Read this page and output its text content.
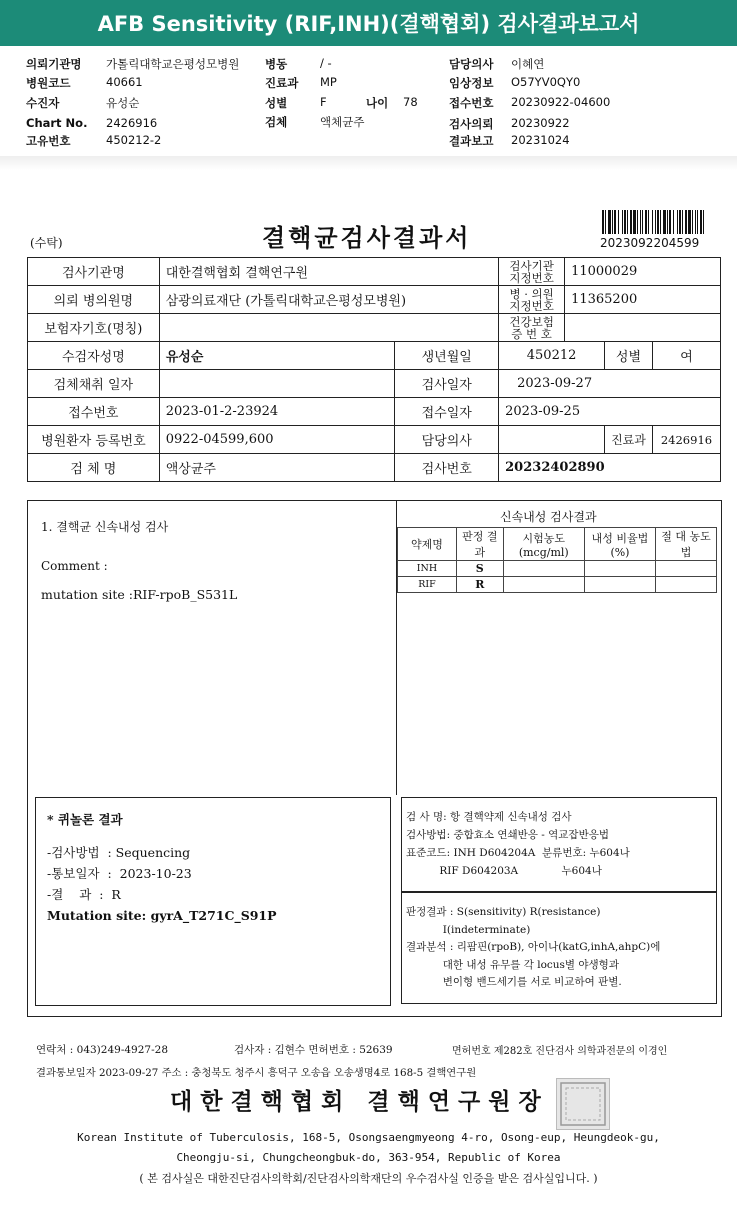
AFB Sensitivity (RIF,INH)(결핵협회) 검사결과보고서
의뢰기관명 가톨릭대학교은평성모병원
병원코드	40661
수진자	유성순
Chart No. 2426916
고유번호	450212-2
병동	/ -
진료과 MP
성별	F	나이 78
검체	액체균주
담당의사 이혜연
임상정보 O57YV0QY0
접수번호 20230922-04600
검사의뢰 20230922
결과보고 20231024
(수탁)	결핵균검사결과서	2023092204599
검사기관명	대한결핵협회 결핵연구원		검사기관 지정번호	11000029		
의뢰 병의원명	삼광의료재단 (가톨릭대학교은평성모병원)		병 · 의원 지정번호	11365200		
보험자기호(명칭)			건강보험 증 번 호			
수검자성명	유성순	생년월일	450212		성별	여
검체채취 일자		검사일자	2023-09-27			
접수번호	2023-01-2-23924	접수일자	2023-09-25			
병원환자 등록번호	0922-04599,600	담당의사			진료과	2426916
검 체 명	액상균주	검사번호	20232402890			
1. 결핵균 신속내성 검사
Comment :
mutation site :RIF-rpoB_S531L
신속내성 검사결과
약제명	판정 결과	시험농도 (mcg/ml)	내성 비율법(%)	절 대 농도법
INH	S			
RIF	R			
* 퀴놀론 결과
-검사방법  : Sequencing
-통보일자  :  2023-10-23
-결    과  :  R
Mutation site: gyrA_T271C_S91P
검 사 명: 항 결핵약제 신속내성 검사
검사방법: 중합효소 연쇄반응 - 역교잡반응법
표준코드: INH D604204A  분류번호: 누604나
RIF D604203A             누604나
판정결과 : S(sensitivity) R(resistance)
I(indeterminate)
결과분석 : 리팜핀(rpoB), 아이나(katG,inhA,ahpC)에
대한 내성 유무를 각 locus별 야생형과
변이형 밴드세기를 서로 비교하여 판별.
연락처 : 043)249-4927-28	검사자 : 김현수 면허번호 : 52639	면허번호 제282호 진단검사 의학과전문의 이경인
결과통보일자 2023-09-27 주소 : 충청북도 청주시 흥덕구 오송읍 오송생명4로 168-5 결핵연구원
대 한 결 핵 협 회   결 핵 연 구 원 장
Korean Institute of Tuberculosis, 168-5, Osongsaengmyeong 4-ro, Osong-eup, Heungdeok-gu,
Cheongju-si, Chungcheongbuk-do, 363-954, Republic of Korea
( 본 검사실은 대한진단검사의학회/진단검사의학재단의 우수검사실 인증을 받은 검사실입니다. )
